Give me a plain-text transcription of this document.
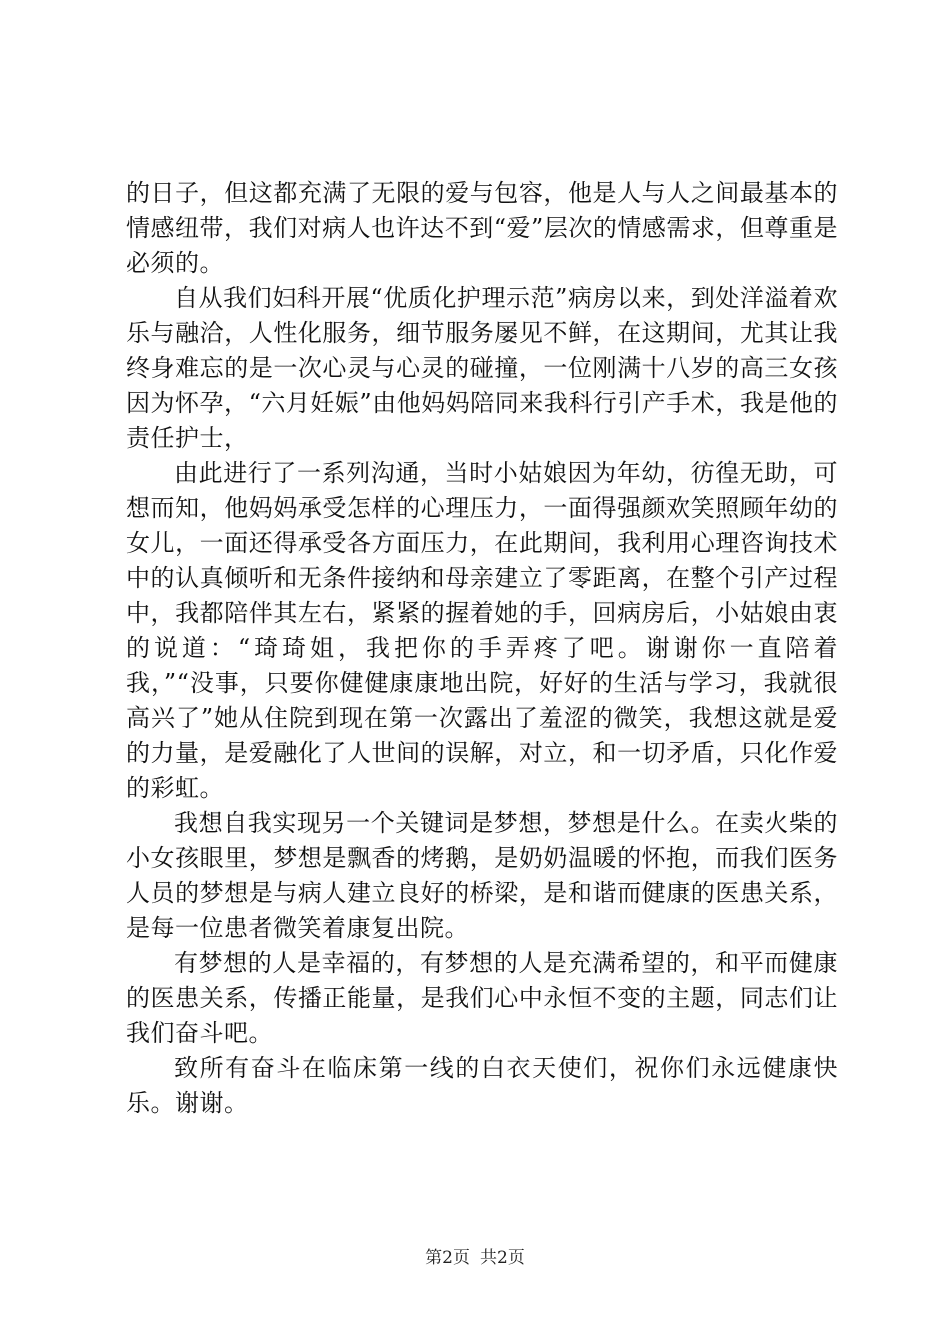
的日子，但这都充满了无限的爱与包容，他是人与人之间最基本的情感纽带，我们对病人也许达不到“爱”层次的情感需求，但尊重是必须的。

自从我们妇科开展“优质化护理示范”病房以来，到处洋溢着欢乐与融洽，人性化服务，细节服务屡见不鲜，在这期间，尤其让我终身难忘的是一次心灵与心灵的碰撞，一位刚满十八岁的高三女孩因为怀孕，“六月妊娠”由他妈妈陪同来我科行引产手术，我是他的责任护士，

由此进行了一系列沟通，当时小姑娘因为年幼，彷徨无助，可想而知，他妈妈承受怎样的心理压力，一面得强颜欢笑照顾年幼的女儿，一面还得承受各方面压力，在此期间，我利用心理咨询技术中的认真倾听和无条件接纳和母亲建立了零距离，在整个引产过程中，我都陪伴其左右，紧紧的握着她的手，回病房后，小姑娘由衷的说道：“琦琦姐，我把你的手弄疼了吧。谢谢你一直陪着我，”“没事，只要你健健康康地出院，好好的生活与学习，我就很高兴了”她从住院到现在第一次露出了羞涩的微笑，我想这就是爱的力量，是爱融化了人世间的误解，对立，和一切矛盾，只化作爱的彩虹。

我想自我实现另一个关键词是梦想，梦想是什么。在卖火柴的小女孩眼里，梦想是飘香的烤鹅，是奶奶温暖的怀抱，而我们医务人员的梦想是与病人建立良好的桥梁，是和谐而健康的医患关系，是每一位患者微笑着康复出院。

有梦想的人是幸福的，有梦想的人是充满希望的，和平而健康的医患关系，传播正能量，是我们心中永恒不变的主题，同志们让我们奋斗吧。

致所有奋斗在临床第一线的白衣天使们，祝你们永远健康快乐。谢谢。

第2页 共2页
